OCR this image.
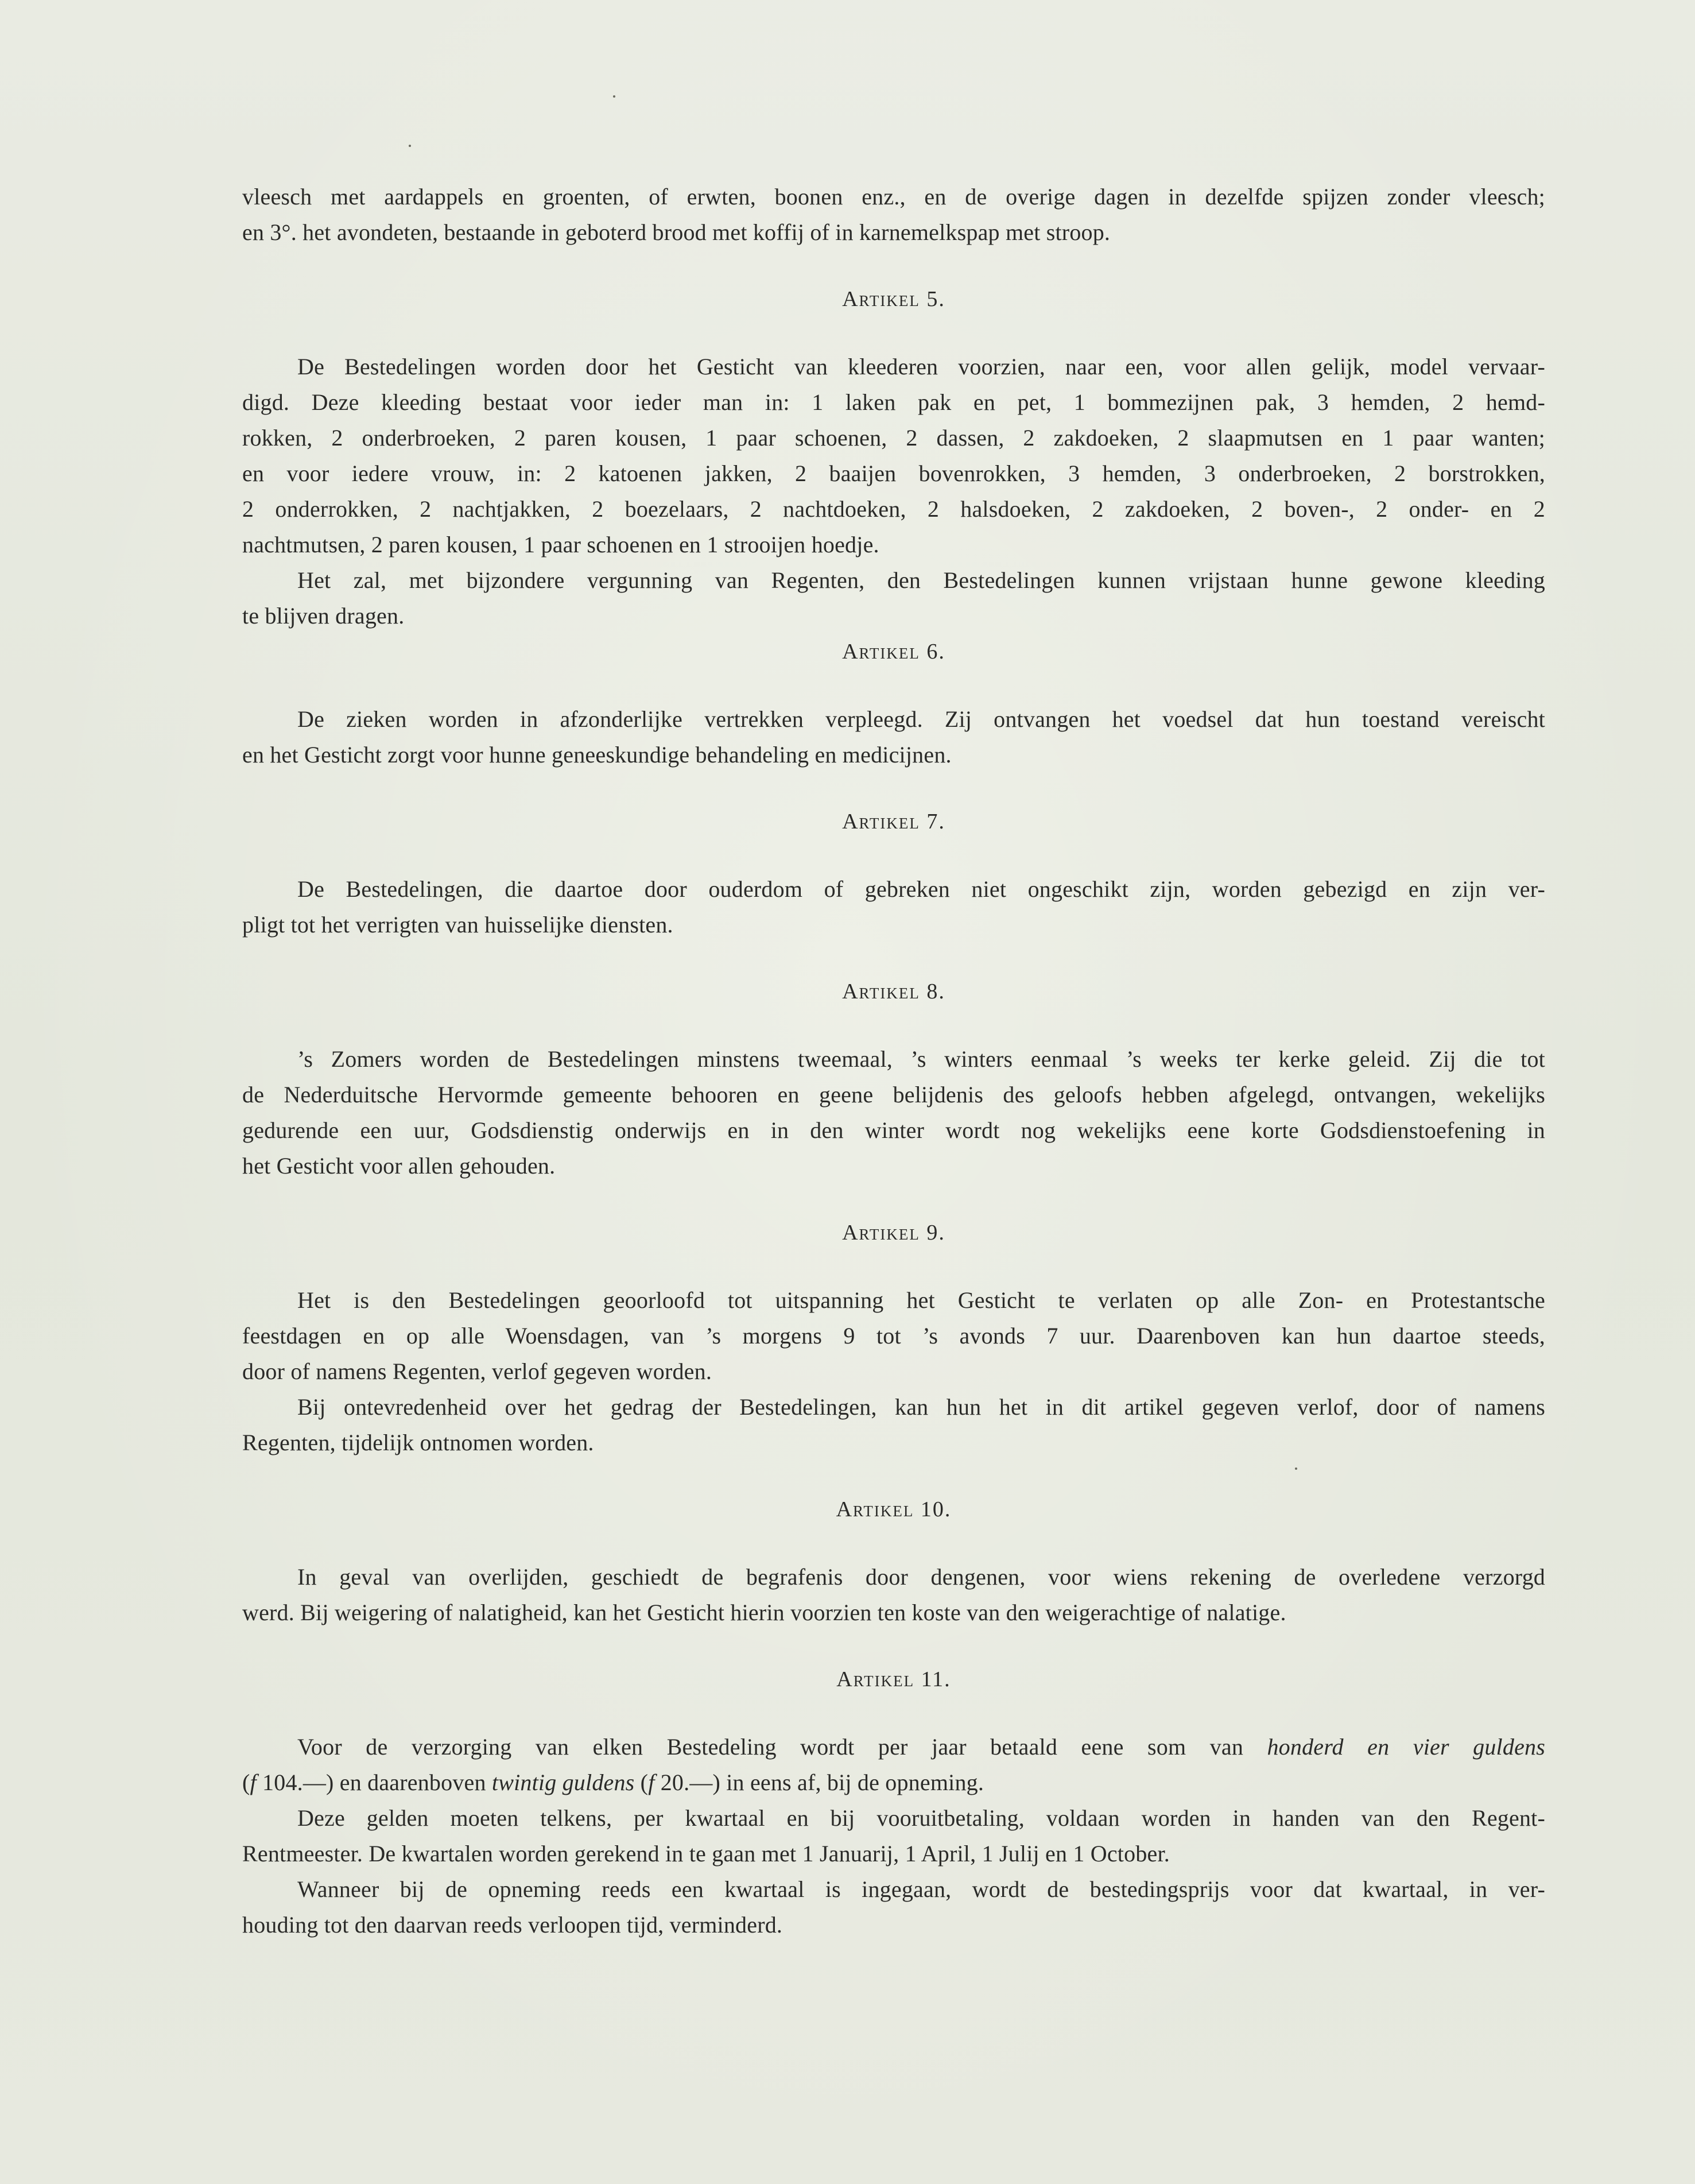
vleesch met aardappels en groenten, of erwten, boonen enz., en de overige dagen in dezelfde spijzen zonder vleesch;

en 3°. het avondeten, bestaande in geboterd brood met koffij of in karnemelkspap met stroop.

Artikel 5.

De Bestedelingen worden door het Gesticht van kleederen voorzien, naar een, voor allen gelijk, model vervaar-

digd. Deze kleeding bestaat voor ieder man in: 1 laken pak en pet, 1 bommezijnen pak, 3 hemden, 2 hemd-

rokken, 2 onderbroeken, 2 paren kousen, 1 paar schoenen, 2 dassen, 2 zakdoeken, 2 slaapmutsen en 1 paar wanten;

en voor iedere vrouw, in: 2 katoenen jakken, 2 baaijen bovenrokken, 3 hemden, 3 onderbroeken, 2 borstrokken,

2 onderrokken, 2 nachtjakken, 2 boezelaars, 2 nachtdoeken, 2 halsdoeken, 2 zakdoeken, 2 boven-, 2 onder- en 2

nachtmutsen, 2 paren kousen, 1 paar schoenen en 1 strooijen hoedje.

Het zal, met bijzondere vergunning van Regenten, den Bestedelingen kunnen vrijstaan hunne gewone kleeding

te blijven dragen.

Artikel 6.

De zieken worden in afzonderlijke vertrekken verpleegd. Zij ontvangen het voedsel dat hun toestand vereischt

en het Gesticht zorgt voor hunne geneeskundige behandeling en medicijnen.

Artikel 7.

De Bestedelingen, die daartoe door ouderdom of gebreken niet ongeschikt zijn, worden gebezigd en zijn ver-

pligt tot het verrigten van huisselijke diensten.

Artikel 8.

’s Zomers worden de Bestedelingen minstens tweemaal, ’s winters eenmaal ’s weeks ter kerke geleid. Zij die tot

de Nederduitsche Hervormde gemeente behooren en geene belijdenis des geloofs hebben afgelegd, ontvangen, wekelijks

gedurende een uur, Godsdienstig onderwijs en in den winter wordt nog wekelijks eene korte Godsdienstoefening in

het Gesticht voor allen gehouden.

Artikel 9.

Het is den Bestedelingen geoorloofd tot uitspanning het Gesticht te verlaten op alle Zon- en Protestantsche

feestdagen en op alle Woensdagen, van ’s morgens 9 tot ’s avonds 7 uur. Daarenboven kan hun daartoe steeds,

door of namens Regenten, verlof gegeven worden.

Bij ontevredenheid over het gedrag der Bestedelingen, kan hun het in dit artikel gegeven verlof, door of namens

Regenten, tijdelijk ontnomen worden.

Artikel 10.

In geval van overlijden, geschiedt de begrafenis door dengenen, voor wiens rekening de overledene verzorgd

werd. Bij weigering of nalatigheid, kan het Gesticht hierin voorzien ten koste van den weigerachtige of nalatige.

Artikel 11.

Voor de verzorging van elken Bestedeling wordt per jaar betaald eene som van honderd en vier guldens

(f 104.—) en daarenboven twintig guldens (f 20.—) in eens af, bij de opneming.

Deze gelden moeten telkens, per kwartaal en bij vooruitbetaling, voldaan worden in handen van den Regent-

Rentmeester. De kwartalen worden gerekend in te gaan met 1 Januarij, 1 April, 1 Julij en 1 October.

Wanneer bij de opneming reeds een kwartaal is ingegaan, wordt de bestedingsprijs voor dat kwartaal, in ver-

houding tot den daarvan reeds verloopen tijd, verminderd.
